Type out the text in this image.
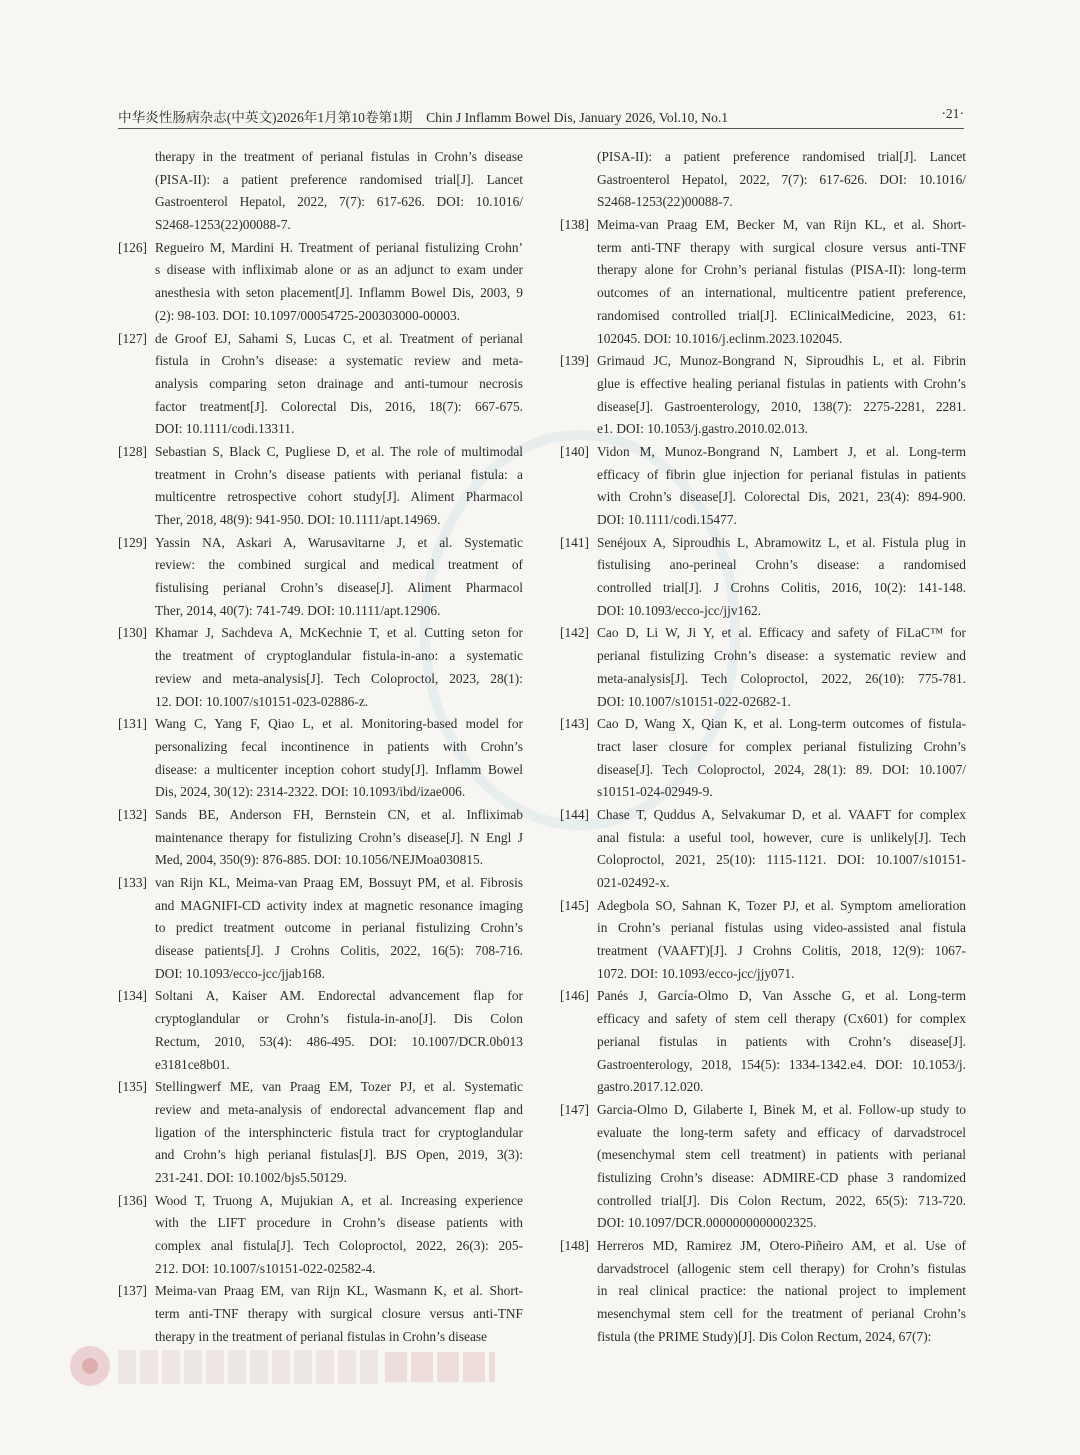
中华炎性肠病杂志(中英文)2026年1月第10卷第1期　Chin J Inflamm Bowel Dis, January 2026, Vol.10, No.1	·21·
therapy in the treatment of perianal fistulas in Crohn’s disease
(PISA-II): a patient preference randomised trial[J]. Lancet
Gastroenterol Hepatol, 2022, 7(7): 617-626. DOI: 10.1016/
S2468-1253(22)00088-7.
[126] Regueiro M, Mardini H. Treatment of perianal fistulizing Crohn’
s disease with infliximab alone or as an adjunct to exam under
anesthesia with seton placement[J]. Inflamm Bowel Dis, 2003, 9
(2): 98-103. DOI: 10.1097/00054725-200303000-00003.
[127] de Groof EJ, Sahami S, Lucas C, et al. Treatment of perianal
fistula in Crohn’s disease: a systematic review and meta-
analysis comparing seton drainage and anti-tumour necrosis
factor treatment[J]. Colorectal Dis, 2016, 18(7): 667-675.
DOI: 10.1111/codi.13311.
[128] Sebastian S, Black C, Pugliese D, et al. The role of multimodal
treatment in Crohn’s disease patients with perianal fistula: a
multicentre retrospective cohort study[J]. Aliment Pharmacol
Ther, 2018, 48(9): 941-950. DOI: 10.1111/apt.14969.
[129] Yassin NA, Askari A, Warusavitarne J, et al. Systematic
review: the combined surgical and medical treatment of
fistulising perianal Crohn’s disease[J]. Aliment Pharmacol
Ther, 2014, 40(7): 741-749. DOI: 10.1111/apt.12906.
[130] Khamar J, Sachdeva A, McKechnie T, et al. Cutting seton for
the treatment of cryptoglandular fistula-in-ano: a systematic
review and meta-analysis[J]. Tech Coloproctol, 2023, 28(1):
12. DOI: 10.1007/s10151-023-02886-z.
[131] Wang C, Yang F, Qiao L, et al. Monitoring-based model for
personalizing fecal incontinence in patients with Crohn’s
disease: a multicenter inception cohort study[J]. Inflamm Bowel
Dis, 2024, 30(12): 2314-2322. DOI: 10.1093/ibd/izae006.
[132] Sands BE, Anderson FH, Bernstein CN, et al. Infliximab
maintenance therapy for fistulizing Crohn’s disease[J]. N Engl J
Med, 2004, 350(9): 876-885. DOI: 10.1056/NEJMoa030815.
[133] van Rijn KL, Meima-van Praag EM, Bossuyt PM, et al. Fibrosis
and MAGNIFI-CD activity index at magnetic resonance imaging
to predict treatment outcome in perianal fistulizing Crohn’s
disease patients[J]. J Crohns Colitis, 2022, 16(5): 708-716.
DOI: 10.1093/ecco-jcc/jjab168.
[134] Soltani A, Kaiser AM. Endorectal advancement flap for
cryptoglandular or Crohn’s fistula-in-ano[J]. Dis Colon
Rectum, 2010, 53(4): 486-495. DOI: 10.1007/DCR.0b013
e3181ce8b01.
[135] Stellingwerf ME, van Praag EM, Tozer PJ, et al. Systematic
review and meta-analysis of endorectal advancement flap and
ligation of the intersphincteric fistula tract for cryptoglandular
and Crohn’s high perianal fistulas[J]. BJS Open, 2019, 3(3):
231-241. DOI: 10.1002/bjs5.50129.
[136] Wood T, Truong A, Mujukian A, et al. Increasing experience
with the LIFT procedure in Crohn’s disease patients with
complex anal fistula[J]. Tech Coloproctol, 2022, 26(3): 205-
212. DOI: 10.1007/s10151-022-02582-4.
[137] Meima-van Praag EM, van Rijn KL, Wasmann K, et al. Short-
term anti-TNF therapy with surgical closure versus anti-TNF
therapy in the treatment of perianal fistulas in Crohn’s disease
(PISA-II): a patient preference randomised trial[J]. Lancet
Gastroenterol Hepatol, 2022, 7(7): 617-626. DOI: 10.1016/
S2468-1253(22)00088-7.
[138] Meima-van Praag EM, Becker M, van Rijn KL, et al. Short-
term anti-TNF therapy with surgical closure versus anti-TNF
therapy alone for Crohn’s perianal fistulas (PISA-II): long-term
outcomes of an international, multicentre patient preference,
randomised controlled trial[J]. EClinicalMedicine, 2023, 61:
102045. DOI: 10.1016/j.eclinm.2023.102045.
[139] Grimaud JC, Munoz-Bongrand N, Siproudhis L, et al. Fibrin
glue is effective healing perianal fistulas in patients with Crohn’s
disease[J]. Gastroenterology, 2010, 138(7): 2275-2281, 2281.
e1. DOI: 10.1053/j.gastro.2010.02.013.
[140] Vidon M, Munoz-Bongrand N, Lambert J, et al. Long-term
efficacy of fibrin glue injection for perianal fistulas in patients
with Crohn’s disease[J]. Colorectal Dis, 2021, 23(4): 894-900.
DOI: 10.1111/codi.15477.
[141] Senéjoux A, Siproudhis L, Abramowitz L, et al. Fistula plug in
fistulising ano-perineal Crohn’s disease: a randomised
controlled trial[J]. J Crohns Colitis, 2016, 10(2): 141-148.
DOI: 10.1093/ecco-jcc/jjv162.
[142] Cao D, Li W, Ji Y, et al. Efficacy and safety of FiLaC™ for
perianal fistulizing Crohn’s disease: a systematic review and
meta-analysis[J]. Tech Coloproctol, 2022, 26(10): 775-781.
DOI: 10.1007/s10151-022-02682-1.
[143] Cao D, Wang X, Qian K, et al. Long-term outcomes of fistula-
tract laser closure for complex perianal fistulizing Crohn’s
disease[J]. Tech Coloproctol, 2024, 28(1): 89. DOI: 10.1007/
s10151-024-02949-9.
[144] Chase T, Quddus A, Selvakumar D, et al. VAAFT for complex
anal fistula: a useful tool, however, cure is unlikely[J]. Tech
Coloproctol, 2021, 25(10): 1115-1121. DOI: 10.1007/s10151-
021-02492-x.
[145] Adegbola SO, Sahnan K, Tozer PJ, et al. Symptom amelioration
in Crohn’s perianal fistulas using video-assisted anal fistula
treatment (VAAFT)[J]. J Crohns Colitis, 2018, 12(9): 1067-
1072. DOI: 10.1093/ecco-jcc/jjy071.
[146] Panés J, García-Olmo D, Van Assche G, et al. Long-term
efficacy and safety of stem cell therapy (Cx601) for complex
perianal fistulas in patients with Crohn’s disease[J].
Gastroenterology, 2018, 154(5): 1334-1342.e4. DOI: 10.1053/j.
gastro.2017.12.020.
[147] Garcia-Olmo D, Gilaberte I, Binek M, et al. Follow-up study to
evaluate the long-term safety and efficacy of darvadstrocel
(mesenchymal stem cell treatment) in patients with perianal
fistulizing Crohn’s disease: ADMIRE-CD phase 3 randomized
controlled trial[J]. Dis Colon Rectum, 2022, 65(5): 713-720.
DOI: 10.1097/DCR.0000000000002325.
[148] Herreros MD, Ramirez JM, Otero-Piñeiro AM, et al. Use of
darvadstrocel (allogenic stem cell therapy) for Crohn’s fistulas
in real clinical practice: the national project to implement
mesenchymal stem cell for the treatment of perianal Crohn’s
fistula (the PRIME Study)[J]. Dis Colon Rectum, 2024, 67(7):
